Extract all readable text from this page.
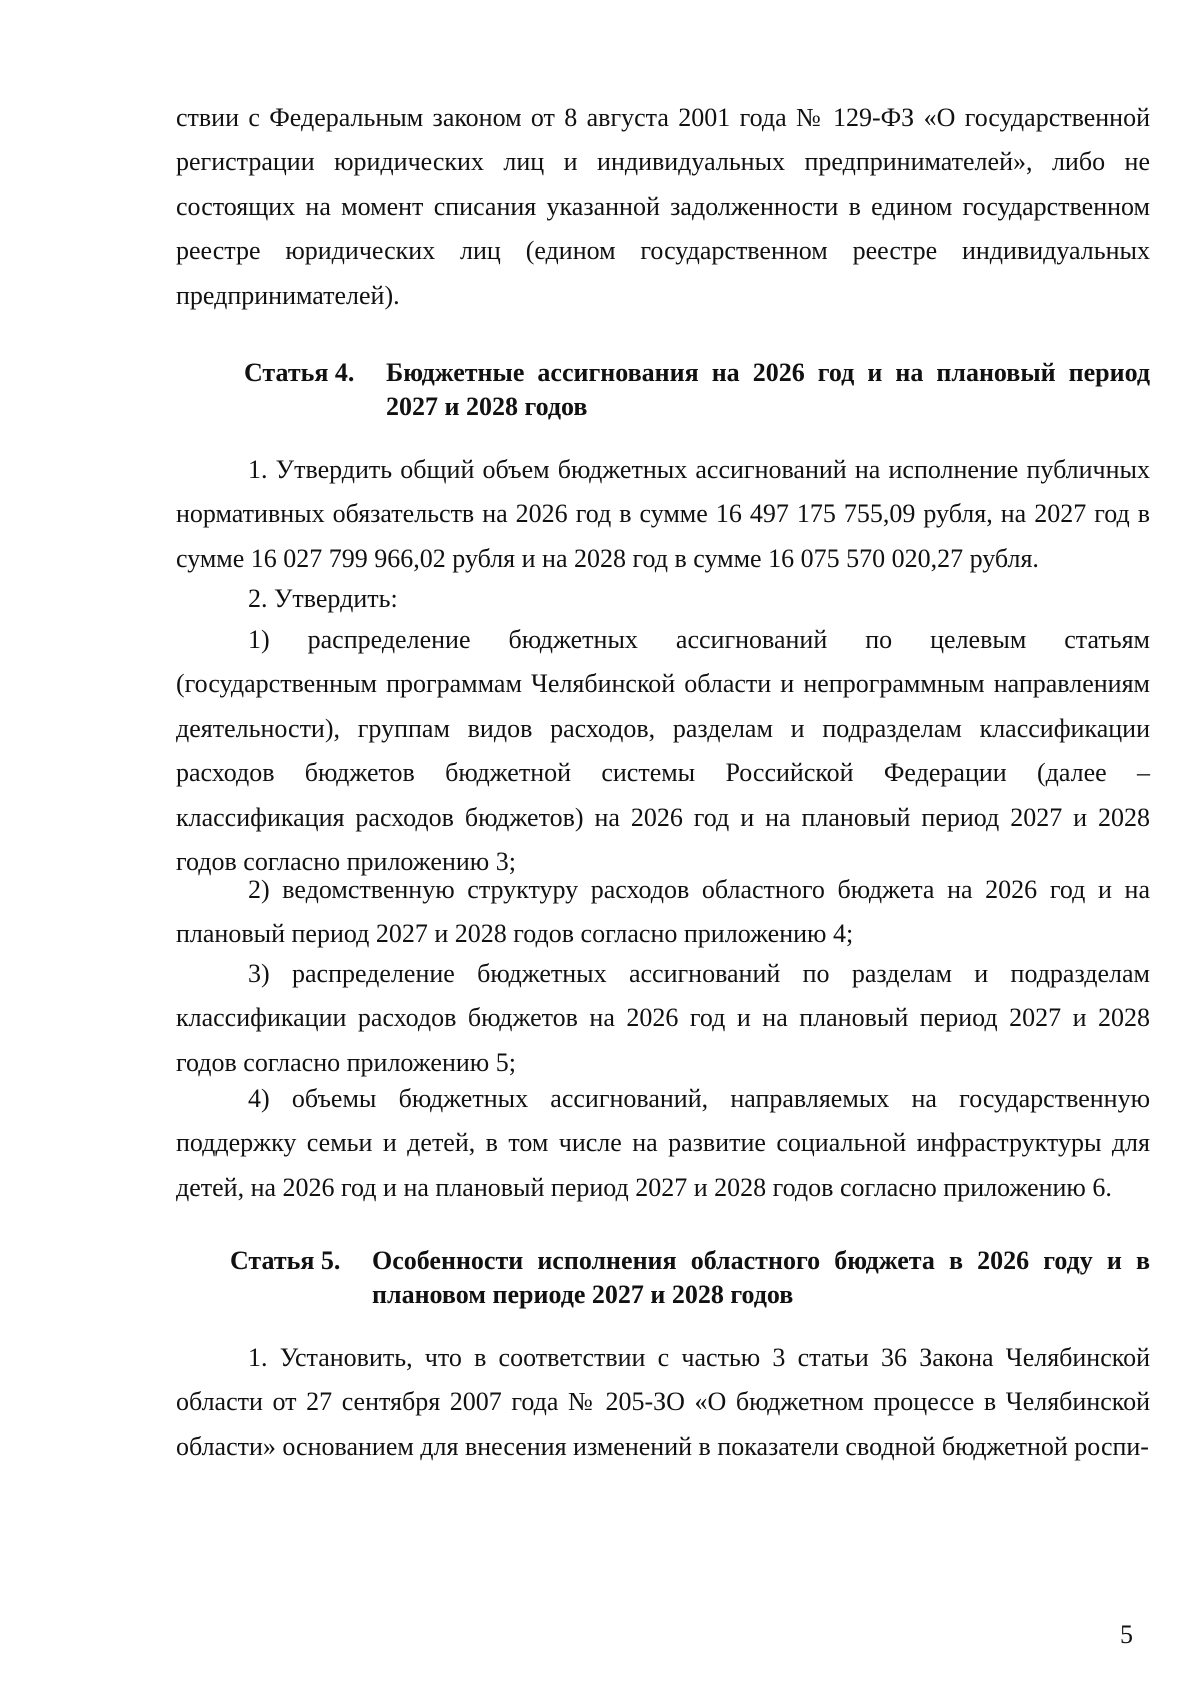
ствии с Федеральным законом от 8 августа 2001 года № 129-ФЗ «О государственной регистрации юридических лиц и индивидуальных предпринимателей», либо не состоящих на момент списания указанной задолженности в едином государственном реестре юридических лиц (едином государственном реестре индивидуальных предпринимателей).

Статья 4. Бюджетные ассигнования на 2026 год и на плановый период 2027 и 2028 годов

1. Утвердить общий объем бюджетных ассигнований на исполнение публичных нормативных обязательств на 2026 год в сумме 16 497 175 755,09 рубля, на 2027 год в сумме 16 027 799 966,02 рубля и на 2028 год в сумме 16 075 570 020,27 рубля.

2. Утвердить:

1) распределение бюджетных ассигнований по целевым статьям (государственным программам Челябинской области и непрограммным направлениям деятельности), группам видов расходов, разделам и подразделам классификации расходов бюджетов бюджетной системы Российской Федерации (далее – классификация расходов бюджетов) на 2026 год и на плановый период 2027 и 2028 годов согласно приложению 3;

2) ведомственную структуру расходов областного бюджета на 2026 год и на плановый период 2027 и 2028 годов согласно приложению 4;

3) распределение бюджетных ассигнований по разделам и подразделам классификации расходов бюджетов на 2026 год и на плановый период 2027 и 2028 годов согласно приложению 5;

4) объемы бюджетных ассигнований, направляемых на государственную поддержку семьи и детей, в том числе на развитие социальной инфраструктуры для детей, на 2026 год и на плановый период 2027 и 2028 годов согласно приложению 6.

Статья 5. Особенности исполнения областного бюджета в 2026 году и в плановом периоде 2027 и 2028 годов

1. Установить, что в соответствии с частью 3 статьи 36 Закона Челябинской области от 27 сентября 2007 года № 205-ЗО «О бюджетном процессе в Челябинской области» основанием для внесения изменений в показатели сводной бюджетной роспи-

5
